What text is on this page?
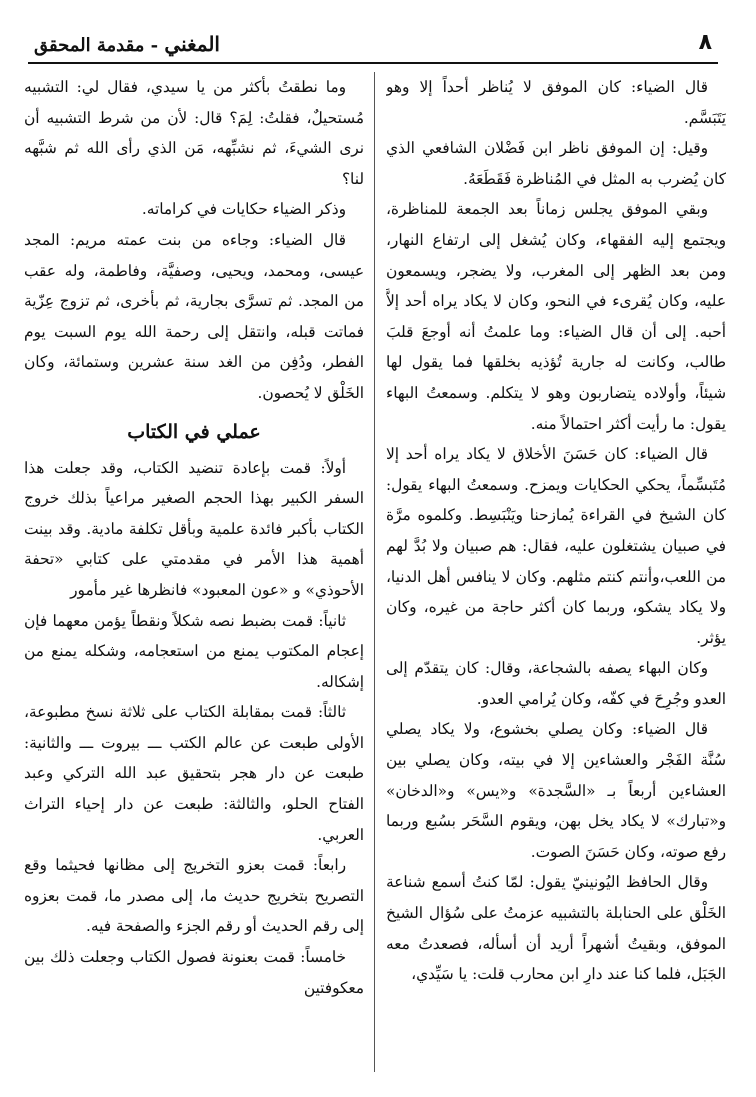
٨
المغني - مقدمة المحقق

قال الضياء: كان الموفق لا يُناظر أحداً إلا وهو يَتَبَسَّم.

وقيل: إن الموفق ناظر ابن فَضْلان الشافعي الذي كان يُضرب به المثل في المُناظرة فَقَطَعَهُ.

وبقي الموفق يجلس زماناً بعد الجمعة للمناظرة، ويجتمع إليه الفقهاء، وكان يُشغل إلى ارتفاع النهار، ومن بعد الظهر إلى المغرب، ولا يضجر، ويسمعون عليه، وكان يُقرىء في النحو، وكان لا يكاد يراه أحد إلاَّ أحبه. إلى أن قال الضياء: وما علمتُ أنه أوجعَ قلبَ طالب، وكانت له جارية تُؤذيه بخلقها فما يقول لها شيئاً، وأولاده يتضاربون وهو لا يتكلم. وسمعتُ البهاء يقول: ما رأيت أكثر احتمالاً منه.

قال الضياء: كان حَسَنَ الأخلاق لا يكاد يراه أحد إلا مُتَبسِّماً، يحكي الحكايات ويمزح. وسمعتُ البهاء يقول: كان الشيخ في القراءة يُمازحنا ويَنْبَسِط. وكلموه مرَّة في صبيان يشتغلون عليه، فقال: هم صبيان ولا بُدَّ لهم من اللعب،وأنتم كنتم مثلهم. وكان لا ينافس أهل الدنيا، ولا يكاد يشكو، وربما كان أكثر حاجة من غيره، وكان يؤثر.

وكان البهاء يصفه بالشجاعة، وقال: كان يتقدّم إلى العدو وجُرِحَ في كفّه، وكان يُرامي العدو.

قال الضياء: وكان يصلي بخشوع، ولا يكاد يصلي سُنَّة الفَجْر والعشاءين إلا في بيته، وكان يصلي بين العشاءين أربعاً بـ «السَّجدة» و«يس» و«الدخان» و«تبارك» لا يكاد يخل بهن، ويقوم السَّحَر بسُبع وربما رفع صوته، وكان حَسَنَ الصوت.

وقال الحافظ اليُونينيّ يقول: لمّا كنتُ أسمع شناعة الخَلْق على الحنابلة بالتشبيه عزمتُ على سُؤال الشيخ الموفق، وبقيتُ أشهراً أريد أن أسأله، فصعدتُ معه الجَبَل، فلما كنا عند دارِ ابن محارب قلت: يا سَيِّدي،

وما نطقتُ بأكثر من يا سيدي، فقال لي: التشبيه مُستحيلٌ، فقلتُ: لِمَ؟ قال: لأن من شرط التشبيه أن نرى الشيءَ، ثم نشبِّهه، مَن الذي رأى الله ثم شبَّهه لنا؟

وذكر الضياء حكايات في كراماته.

قال الضياء: وجاءه من بنت عمته مريم: المجد عيسى، ومحمد، ويحيى، وصفيَّة، وفاطمة، وله عقب من المجد. ثم تسرَّى بجارية، ثم بأخرى، ثم تزوج عِزّية فماتت قبله، وانتقل إلى رحمة الله يوم السبت يوم الفطر، ودُفِن من الغد سنة عشرين وستمائة، وكان الخَلْق لا يُحصون.

عملي في الكتاب

أولاً: قمت بإعادة تنضيد الكتاب، وقد جعلت هذا السفر الكبير بهذا الحجم الصغير مراعياً بذلك خروج الكتاب بأكبر فائدة علمية وبأقل تكلفة مادية. وقد بينت أهمية هذا الأمر في مقدمتي على كتابي «تحفة الأحوذي» و «عون المعبود» فانظرها غير مأمور

ثانياً: قمت بضبط نصه شكلاً ونقطاً يؤمن معهما فإن إعجام المكتوب يمنع من استعجامه، وشكله يمنع من إشكاله.

ثالثاً: قمت بمقابلة الكتاب على ثلاثة نسخ مطبوعة، الأولى طبعت عن عالم الكتب ـــ بيروت ـــ والثانية: طبعت عن دار هجر بتحقيق عبد الله التركي وعبد الفتاح الحلو، والثالثة: طبعت عن دار إحياء التراث العربي.

رابعاً: قمت بعزو التخريج إلى مظانها فحيثما وقع التصريح بتخريج حديث ما، إلى مصدر ما، قمت بعزوه إلى رقم الحديث أو رقم الجزء والصفحة فيه.

خامساً: قمت بعنونة فصول الكتاب وجعلت ذلك بين معكوفتين
